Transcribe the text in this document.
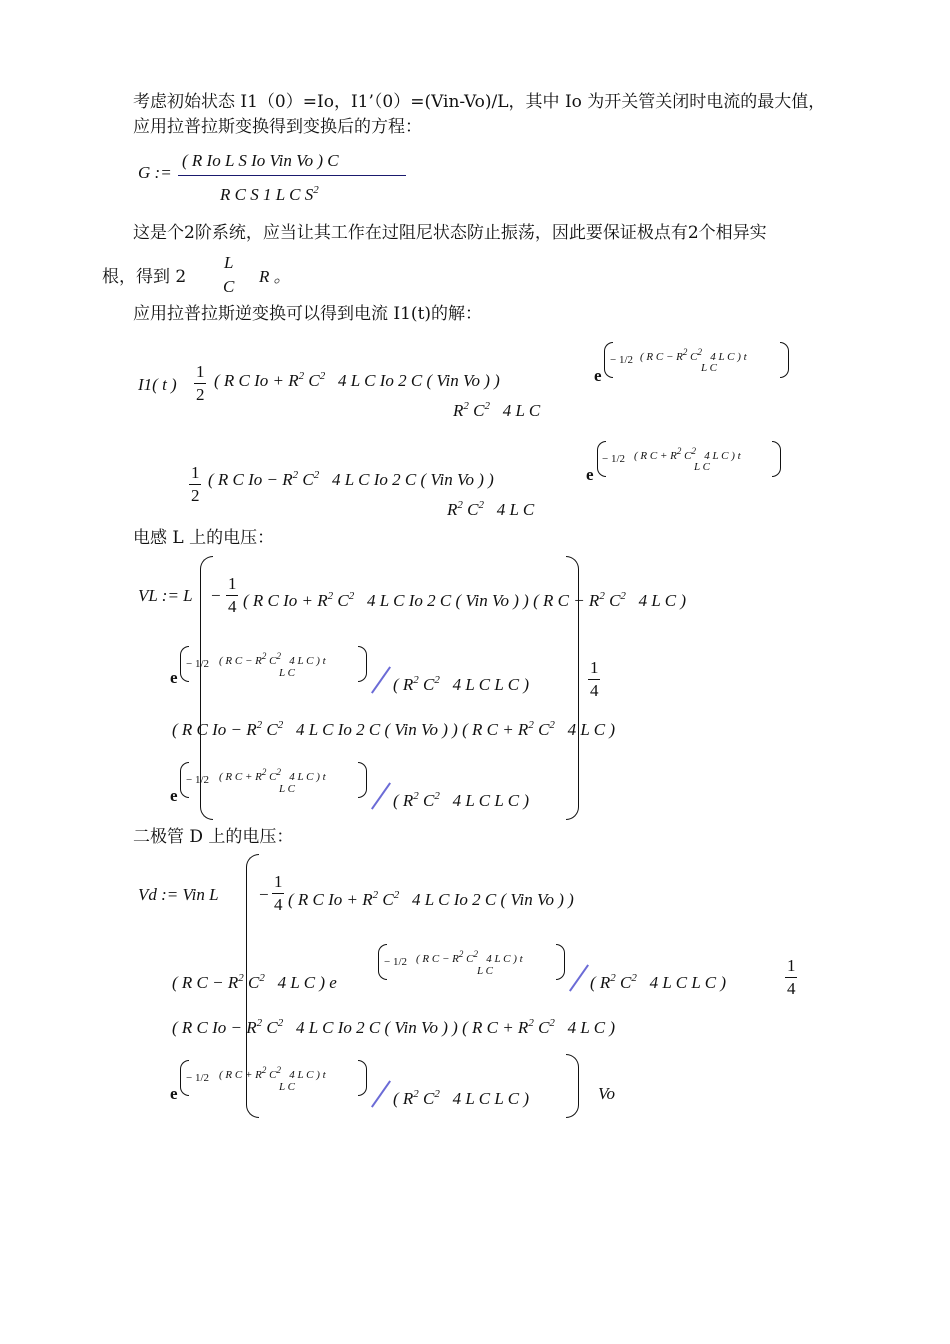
考虑初始状态 I1（0）=Io，I1’（0）=(Vin-Vo)/L，其中 Io 为开关管关闭时电流的最大值，
应用拉普拉斯变换得到变换后的方程：
G :=
( R Io L S Io Vin Vo ) C
R C S 1 L C $S^2$
这是个2阶系统，应当让其工作在过阻尼状态防止振荡，因此要保证极点有2个相异实
根，得到 2
L
C
R 。
应用拉普拉斯逆变换可以得到电流 I1(t)的解：
I1( t )
1
2
( R C $Io + R^2$ $C^2$ 4 L C Io 2 C ( Vin Vo ) )	e
− 1/2 ( R $C - R^2$ $C^2$ 4 L C ) t
L C
$R^2$ $C^2$ 4 L C
1
2
( R C $Io - R^2$ $C^2$ 4 L C Io 2 C ( Vin Vo ) )	e
− 1/2 ( R $C + R^2$ $C^2$ 4 L C ) t
L C
$R^2$ $C^2$ 4 L C
电感 L 上的电压：
VL := L −
1
4 ( R C $Io + R^2$ $C^2$ 4 L C Io 2 C ( Vin Vo ) ) ( R $C - R^2$ $C^2$ 4 L C )
e
− 1/2 ( R $C - R^2$ $C^2$ 4 L C ) t
L C
( $R^2$ $C^2$ 4 L C L C )
1
4
( R C $Io - R^2$ $C^2$ 4 L C Io 2 C ( Vin Vo ) ) ( R $C + R^2$ $C^2$ 4 L C )
e
− 1/2 ( R $C + R^2$ $C^2$ 4 L C ) t
L C
( $R^2$ $C^2$ 4 L C L C )
二极管 D 上的电压：
Vd := Vin L −
1
4 ( R C $Io + R^2$ $C^2$ 4 L C Io 2 C ( Vin Vo ) )
( R $C - R^2$ $C^2$ 4 L C ) e
− 1/2 ( R $C - R^2$ $C^2$ 4 L C ) t
L C
( $R^2$ $C^2$ 4 L C L C )
1
4
( R C $Io - R^2$ $C^2$ 4 L C Io 2 C ( Vin Vo ) ) ( R $C + R^2$ $C^2$ 4 L C )
e
− 1/2 ( R $C + R^2$ $C^2$ 4 L C ) t
L C
( $R^2$ $C^2$ 4 L C L C )	Vo
